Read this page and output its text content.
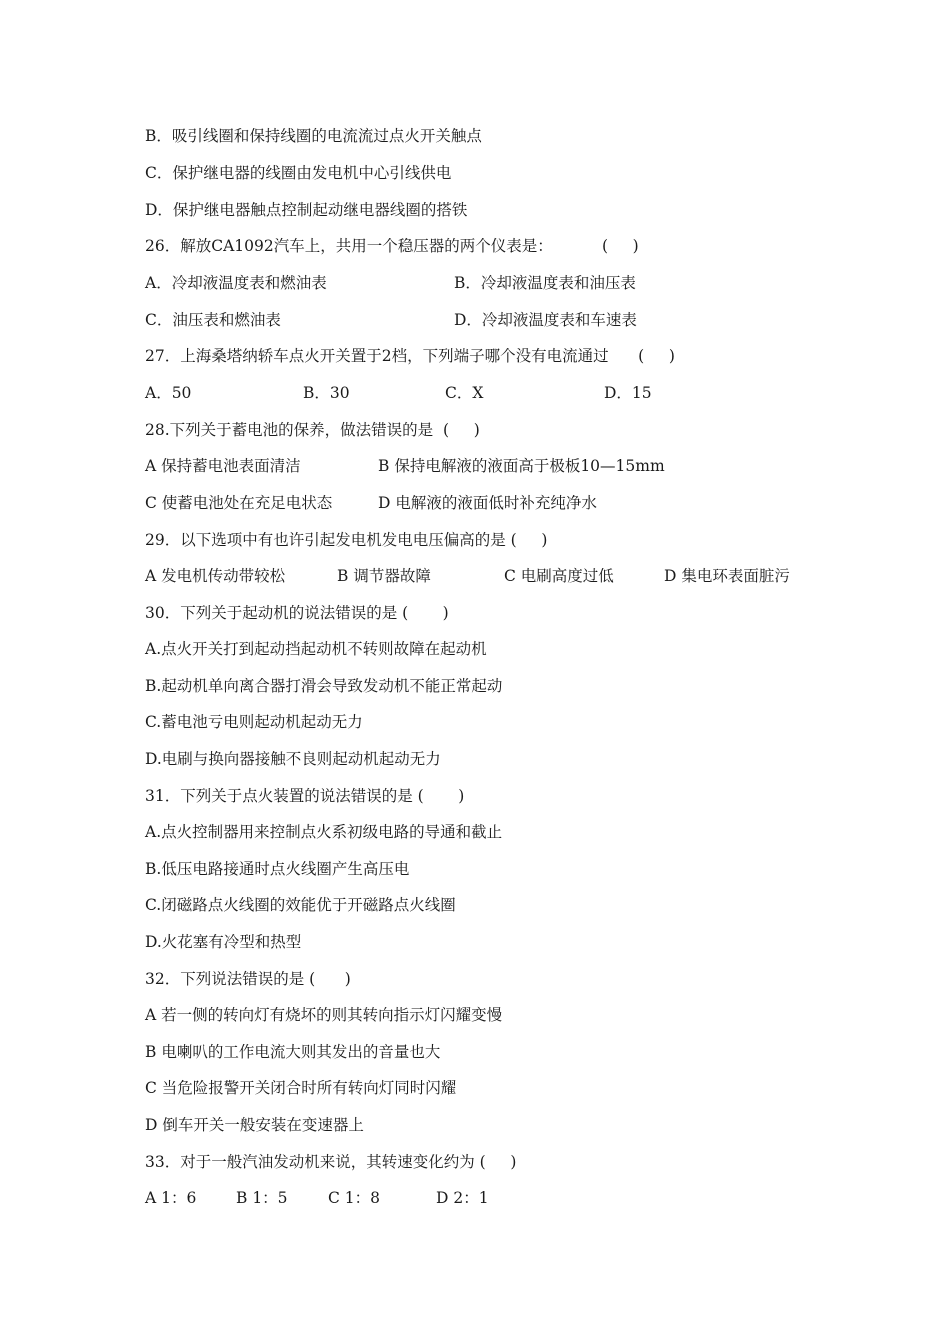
B．吸引线圈和保持线圈的电流流过点火开关触点
C．保护继电器的线圈由发电机中心引线供电
D．保护继电器触点控制起动继电器线圈的搭铁
26．解放CA1092汽车上，共用一个稳压器的两个仪表是：          (     )
A．冷却液温度表和燃油表	B．冷却液温度表和油压表
C．油压表和燃油表	D．冷却液温度表和车速表
27．上海桑塔纳轿车点火开关置于2档，下列端子哪个没有电流通过      (     )
A．50	B．30	C．X	D．15
28.下列关于蓄电池的保养，做法错误的是  (     )
A 保持蓄电池表面清洁	B 保持电解液的液面高于极板10—15mm
C 使蓄电池处在充足电状态	D 电解液的液面低时补充纯净水
29．以下选项中有也许引起发电机发电电压偏高的是 (     )
A 发电机传动带较松	B 调节器故障	C 电刷高度过低	D 集电环表面脏污
30．下列关于起动机的说法错误的是 (       )
A.点火开关打到起动挡起动机不转则故障在起动机
B.起动机单向离合器打滑会导致发动机不能正常起动
C.蓄电池亏电则起动机起动无力
D.电刷与换向器接触不良则起动机起动无力
31．下列关于点火装置的说法错误的是 (       )
A.点火控制器用来控制点火系初级电路的导通和截止
B.低压电路接通时点火线圈产生高压电
C.闭磁路点火线圈的效能优于开磁路点火线圈
D.火花塞有冷型和热型
32．下列说法错误的是 (      )
A 若一侧的转向灯有烧坏的则其转向指示灯闪耀变慢
B 电喇叭的工作电流大则其发出的音量也大
C 当危险报警开关闭合时所有转向灯同时闪耀
D 倒车开关一般安装在变速器上
33．对于一般汽油发动机来说，其转速变化约为 (     )
A 1：6	B 1：5	C 1：8	D 2：1
